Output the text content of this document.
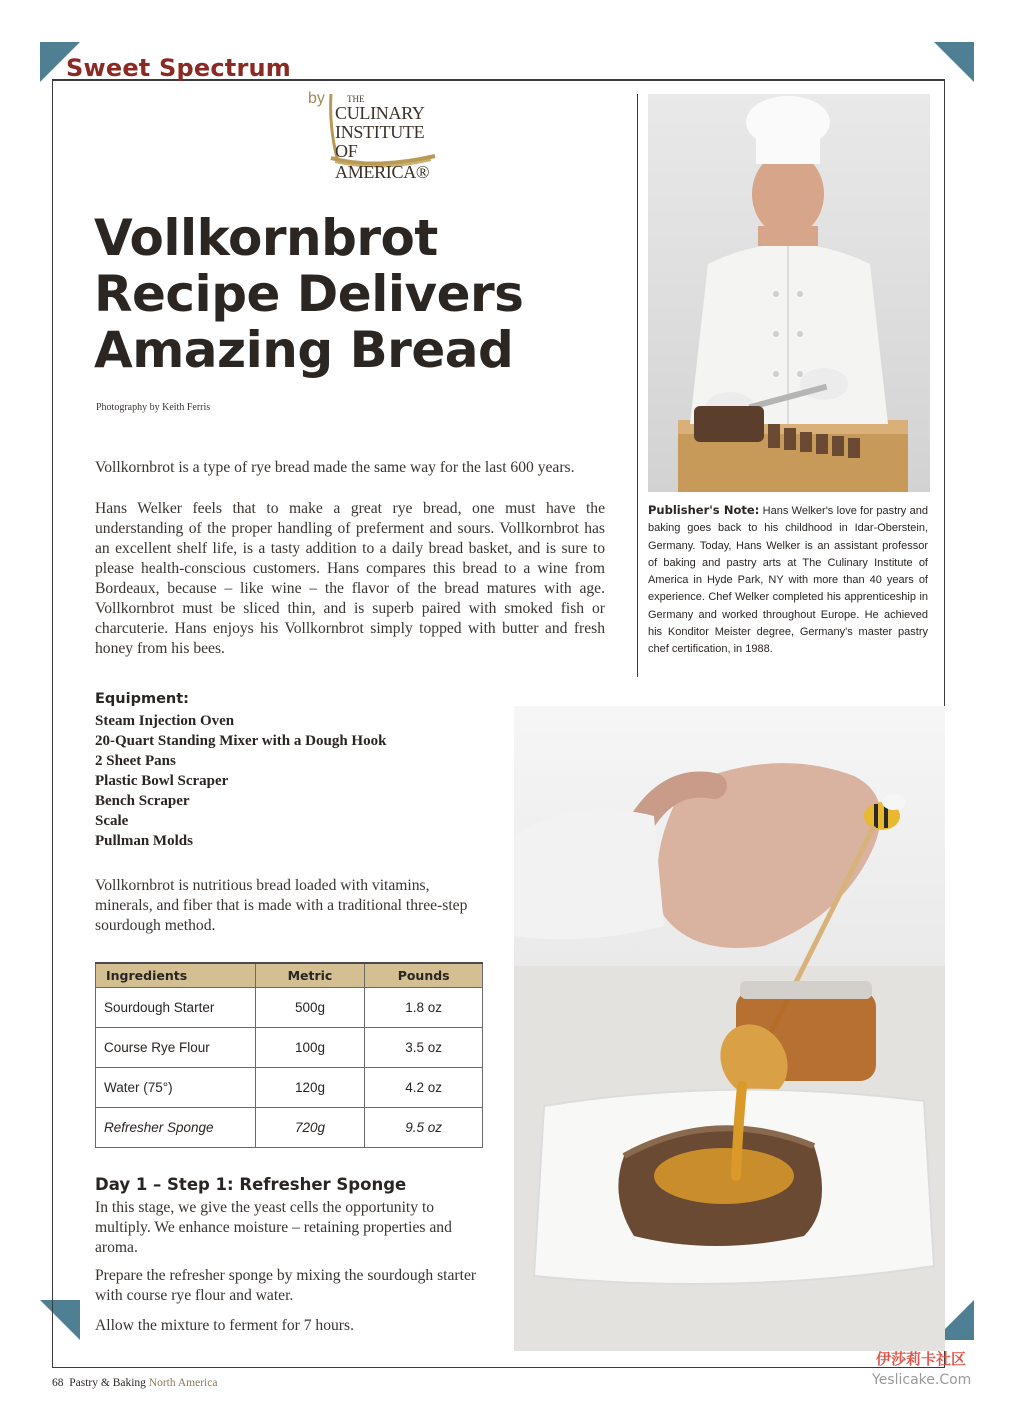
Sweet Spectrum
by THE
CULINARY
INSTITUTE
OF AMERICA®
Vollkornbrot
Recipe Delivers
Amazing Bread
Photography by Keith Ferris

Vollkornbrot is a type of rye bread made the same way for the last 600 years.

Hans Welker feels that to make a great rye bread, one must have the understanding of the proper handling of preferment and sours. Vollkornbrot has an excellent shelf life, is a tasty addition to a daily bread basket, and is sure to please health-conscious customers. Hans compares this bread to a wine from Bordeaux, because – like wine – the flavor of the bread matures with age. Vollkornbrot must be sliced thin, and is superb paired with smoked fish or charcuterie. Hans enjoys his Vollkornbrot simply topped with butter and fresh honey from his bees.

Publisher's Note: Hans Welker's love for pastry and baking goes back to his childhood in Idar-Oberstein, Germany. Today, Hans Welker is an assistant professor of baking and pastry arts at The Culinary Institute of America in Hyde Park, NY with more than 40 years of experience. Chef Welker completed his apprenticeship in Germany and worked throughout Europe. He achieved his Konditor Meister degree, Germany's master pastry chef certification, in 1988.

Equipment:
Steam Injection Oven
20-Quart Standing Mixer with a Dough Hook
2 Sheet Pans
Plastic Bowl Scraper
Bench Scraper
Scale
Pullman Molds

Vollkornbrot is nutritious bread loaded with vitamins, minerals, and fiber that is made with a traditional three-step sourdough method.

Ingredients	Metric	Pounds
Sourdough Starter	500g	1.8 oz
Course Rye Flour	100g	3.5 oz
Water (75°)	120g	4.2 oz
Refresher Sponge	720g	9.5 oz
Day 1 – Step 1: Refresher Sponge

In this stage, we give the yeast cells the opportunity to multiply. We enhance moisture – retaining properties and aroma.

Prepare the refresher sponge by mixing the sourdough starter with course rye flour and water.

Allow the mixture to ferment for 7 hours.

68 Pastry & Baking North America
伊莎莉卡社区
Yeslicake.Com
